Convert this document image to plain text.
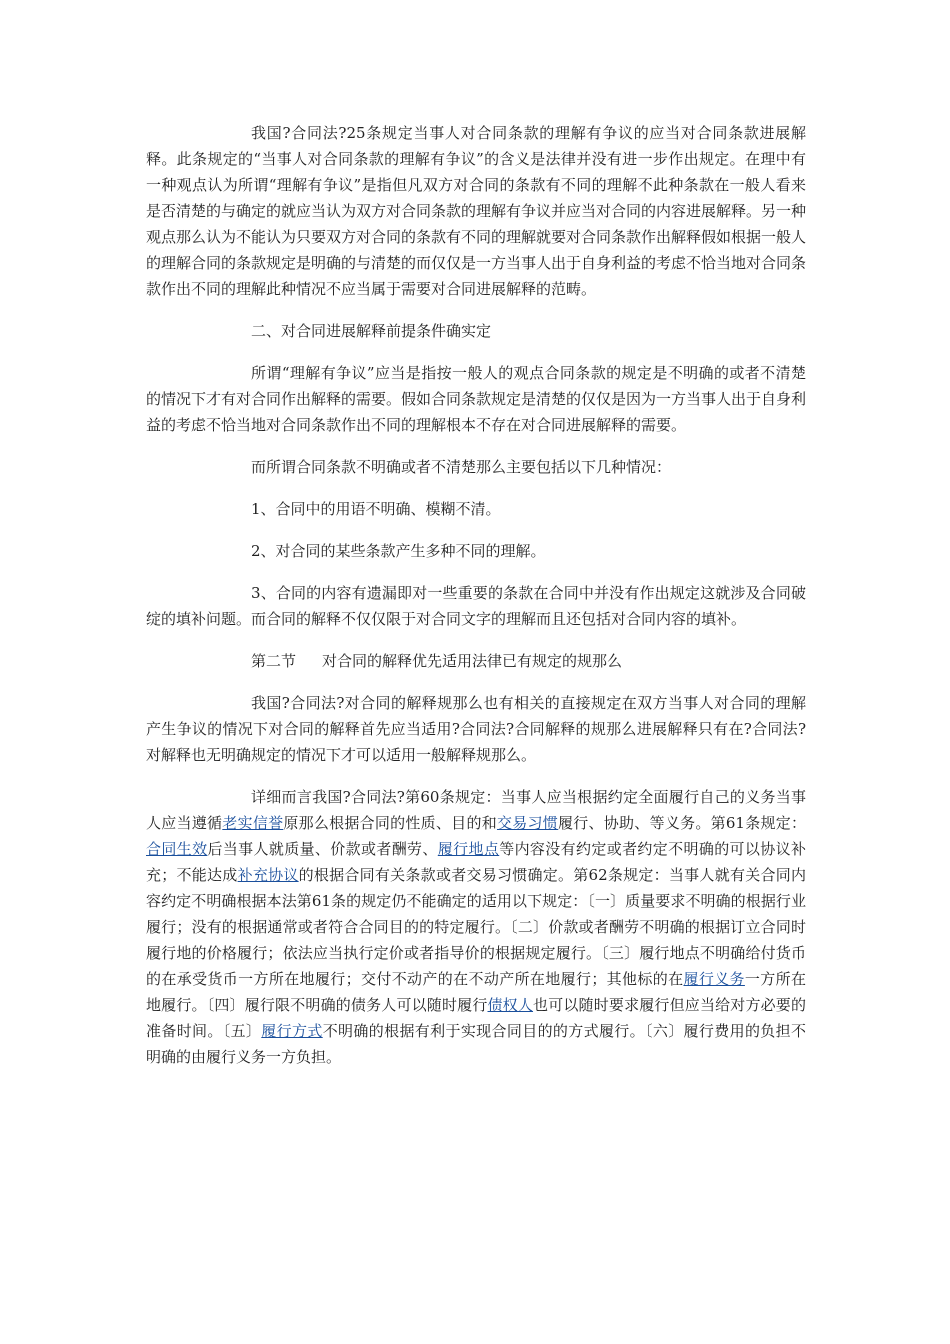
我国?合同法?25条规定当事人对合同条款的理解有争议的应当对合同条款进展解释。此条规定的“当事人对合同条款的理解有争议”的含义是法律并没有进一步作出规定。在理中有一种观点认为所谓“理解有争议”是指但凡双方对合同的条款有不同的理解不此种条款在一般人看来是否清楚的与确定的就应当认为双方对合同条款的理解有争议并应当对合同的内容进展解释。另一种观点那么认为不能认为只要双方对合同的条款有不同的理解就要对合同条款作出解释假如根据一般人的理解合同的条款规定是明确的与清楚的而仅仅是一方当事人出于自身利益的考虑不恰当地对合同条款作出不同的理解此种情况不应当属于需要对合同进展解释的范畴。

二、对合同进展解释前提条件确实定

所谓“理解有争议”应当是指按一般人的观点合同条款的规定是不明确的或者不清楚的情况下才有对合同作出解释的需要。假如合同条款规定是清楚的仅仅是因为一方当事人出于自身利益的考虑不恰当地对合同条款作出不同的理解根本不存在对合同进展解释的需要。

而所谓合同条款不明确或者不清楚那么主要包括以下几种情况：

1、合同中的用语不明确、模糊不清。

2、对合同的某些条款产生多种不同的理解。

3、合同的内容有遗漏即对一些重要的条款在合同中并没有作出规定这就涉及合同破绽的填补问题。而合同的解释不仅仅限于对合同文字的理解而且还包括对合同内容的填补。

第二节 对合同的解释优先适用法律已有规定的规那么

我国?合同法?对合同的解释规那么也有相关的直接规定在双方当事人对合同的理解产生争议的情况下对合同的解释首先应当适用?合同法?合同解释的规那么进展解释只有在?合同法?对解释也无明确规定的情况下才可以适用一般解释规那么。

详细而言我国?合同法?第60条规定：当事人应当根据约定全面履行自己的义务当事人应当遵循老实信誉原那么根据合同的性质、目的和交易习惯履行、协助、等义务。第61条规定：合同生效后当事人就质量、价款或者酬劳、履行地点等内容没有约定或者约定不明确的可以协议补充；不能达成补充协议的根据合同有关条款或者交易习惯确定。第62条规定：当事人就有关合同内容约定不明确根据本法第61条的规定仍不能确定的适用以下规定：〔一〕质量要求不明确的根据行业履行；没有的根据通常或者符合合同目的的特定履行。〔二〕价款或者酬劳不明确的根据订立合同时履行地的价格履行；依法应当执行定价或者指导价的根据规定履行。〔三〕履行地点不明确给付货币的在承受货币一方所在地履行；交付不动产的在不动产所在地履行；其他标的在履行义务一方所在地履行。〔四〕履行限不明确的债务人可以随时履行债权人也可以随时要求履行但应当给对方必要的准备时间。〔五〕履行方式不明确的根据有利于实现合同目的的方式履行。〔六〕履行费用的负担不明确的由履行义务一方负担。
